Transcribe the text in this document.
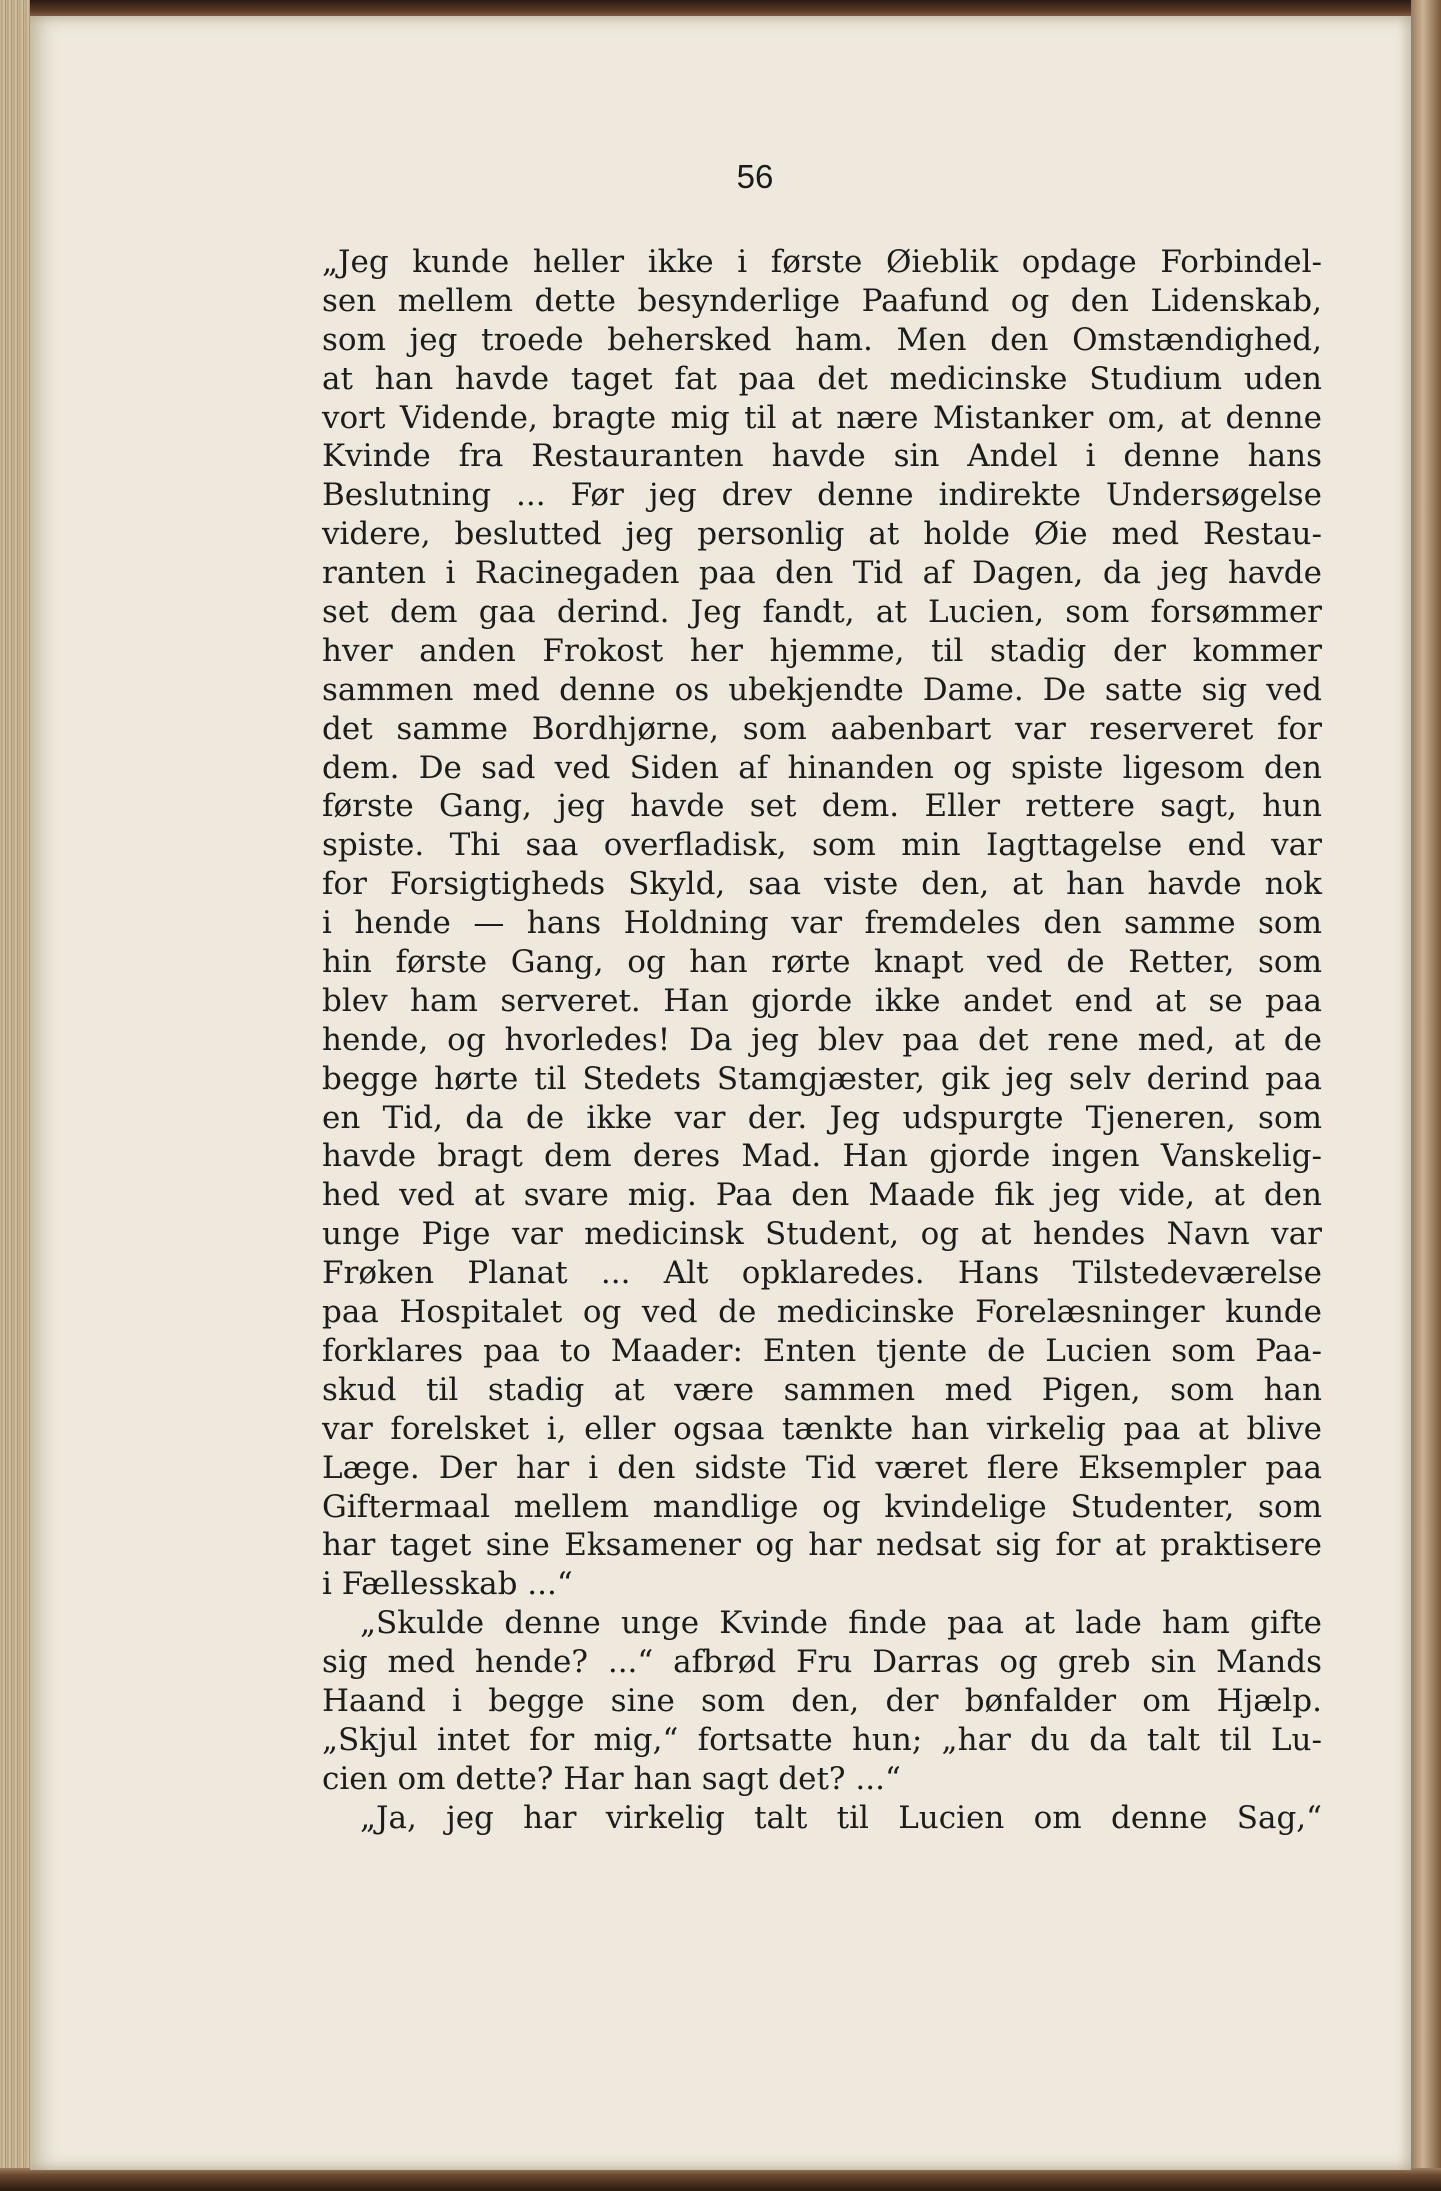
56
„Jeg kunde heller ikke i første Øieblik opdage Forbindel-
sen mellem dette besynderlige Paafund og den Lidenskab,
som jeg troede behersked ham. Men den Omstændighed,
at han havde taget fat paa det medicinske Studium uden
vort Vidende, bragte mig til at nære Mistanker om, at denne
Kvinde fra Restauranten havde sin Andel i denne hans
Beslutning ... Før jeg drev denne indirekte Undersøgelse
videre, beslutted jeg personlig at holde Øie med Restau-
ranten i Racinegaden paa den Tid af Dagen, da jeg havde
set dem gaa derind. Jeg fandt, at Lucien, som forsømmer
hver anden Frokost her hjemme, til stadig der kommer
sammen med denne os ubekjendte Dame. De satte sig ved
det samme Bordhjørne, som aabenbart var reserveret for
dem. De sad ved Siden af hinanden og spiste ligesom den
første Gang, jeg havde set dem. Eller rettere sagt, hun
spiste. Thi saa overfladisk, som min Iagttagelse end var
for Forsigtigheds Skyld, saa viste den, at han havde nok
i hende — hans Holdning var fremdeles den samme som
hin første Gang, og han rørte knapt ved de Retter, som
blev ham serveret. Han gjorde ikke andet end at se paa
hende, og hvorledes! Da jeg blev paa det rene med, at de
begge hørte til Stedets Stamgjæster, gik jeg selv derind paa
en Tid, da de ikke var der. Jeg udspurgte Tjeneren, som
havde bragt dem deres Mad. Han gjorde ingen Vanskelig-
hed ved at svare mig. Paa den Maade fik jeg vide, at den
unge Pige var medicinsk Student, og at hendes Navn var
Frøken Planat ... Alt opklaredes. Hans Tilstedeværelse
paa Hospitalet og ved de medicinske Forelæsninger kunde
forklares paa to Maader: Enten tjente de Lucien som Paa-
skud til stadig at være sammen med Pigen, som han
var forelsket i, eller ogsaa tænkte han virkelig paa at blive
Læge. Der har i den sidste Tid været flere Eksempler paa
Giftermaal mellem mandlige og kvindelige Studenter, som
har taget sine Eksamener og har nedsat sig for at praktisere
i Fællesskab ...“
„Skulde denne unge Kvinde finde paa at lade ham gifte
sig med hende? ...“ afbrød Fru Darras og greb sin Mands
Haand i begge sine som den, der bønfalder om Hjælp.
„Skjul intet for mig,“ fortsatte hun; „har du da talt til Lu-
cien om dette? Har han sagt det? ...“
„Ja, jeg har virkelig talt til Lucien om denne Sag,“
